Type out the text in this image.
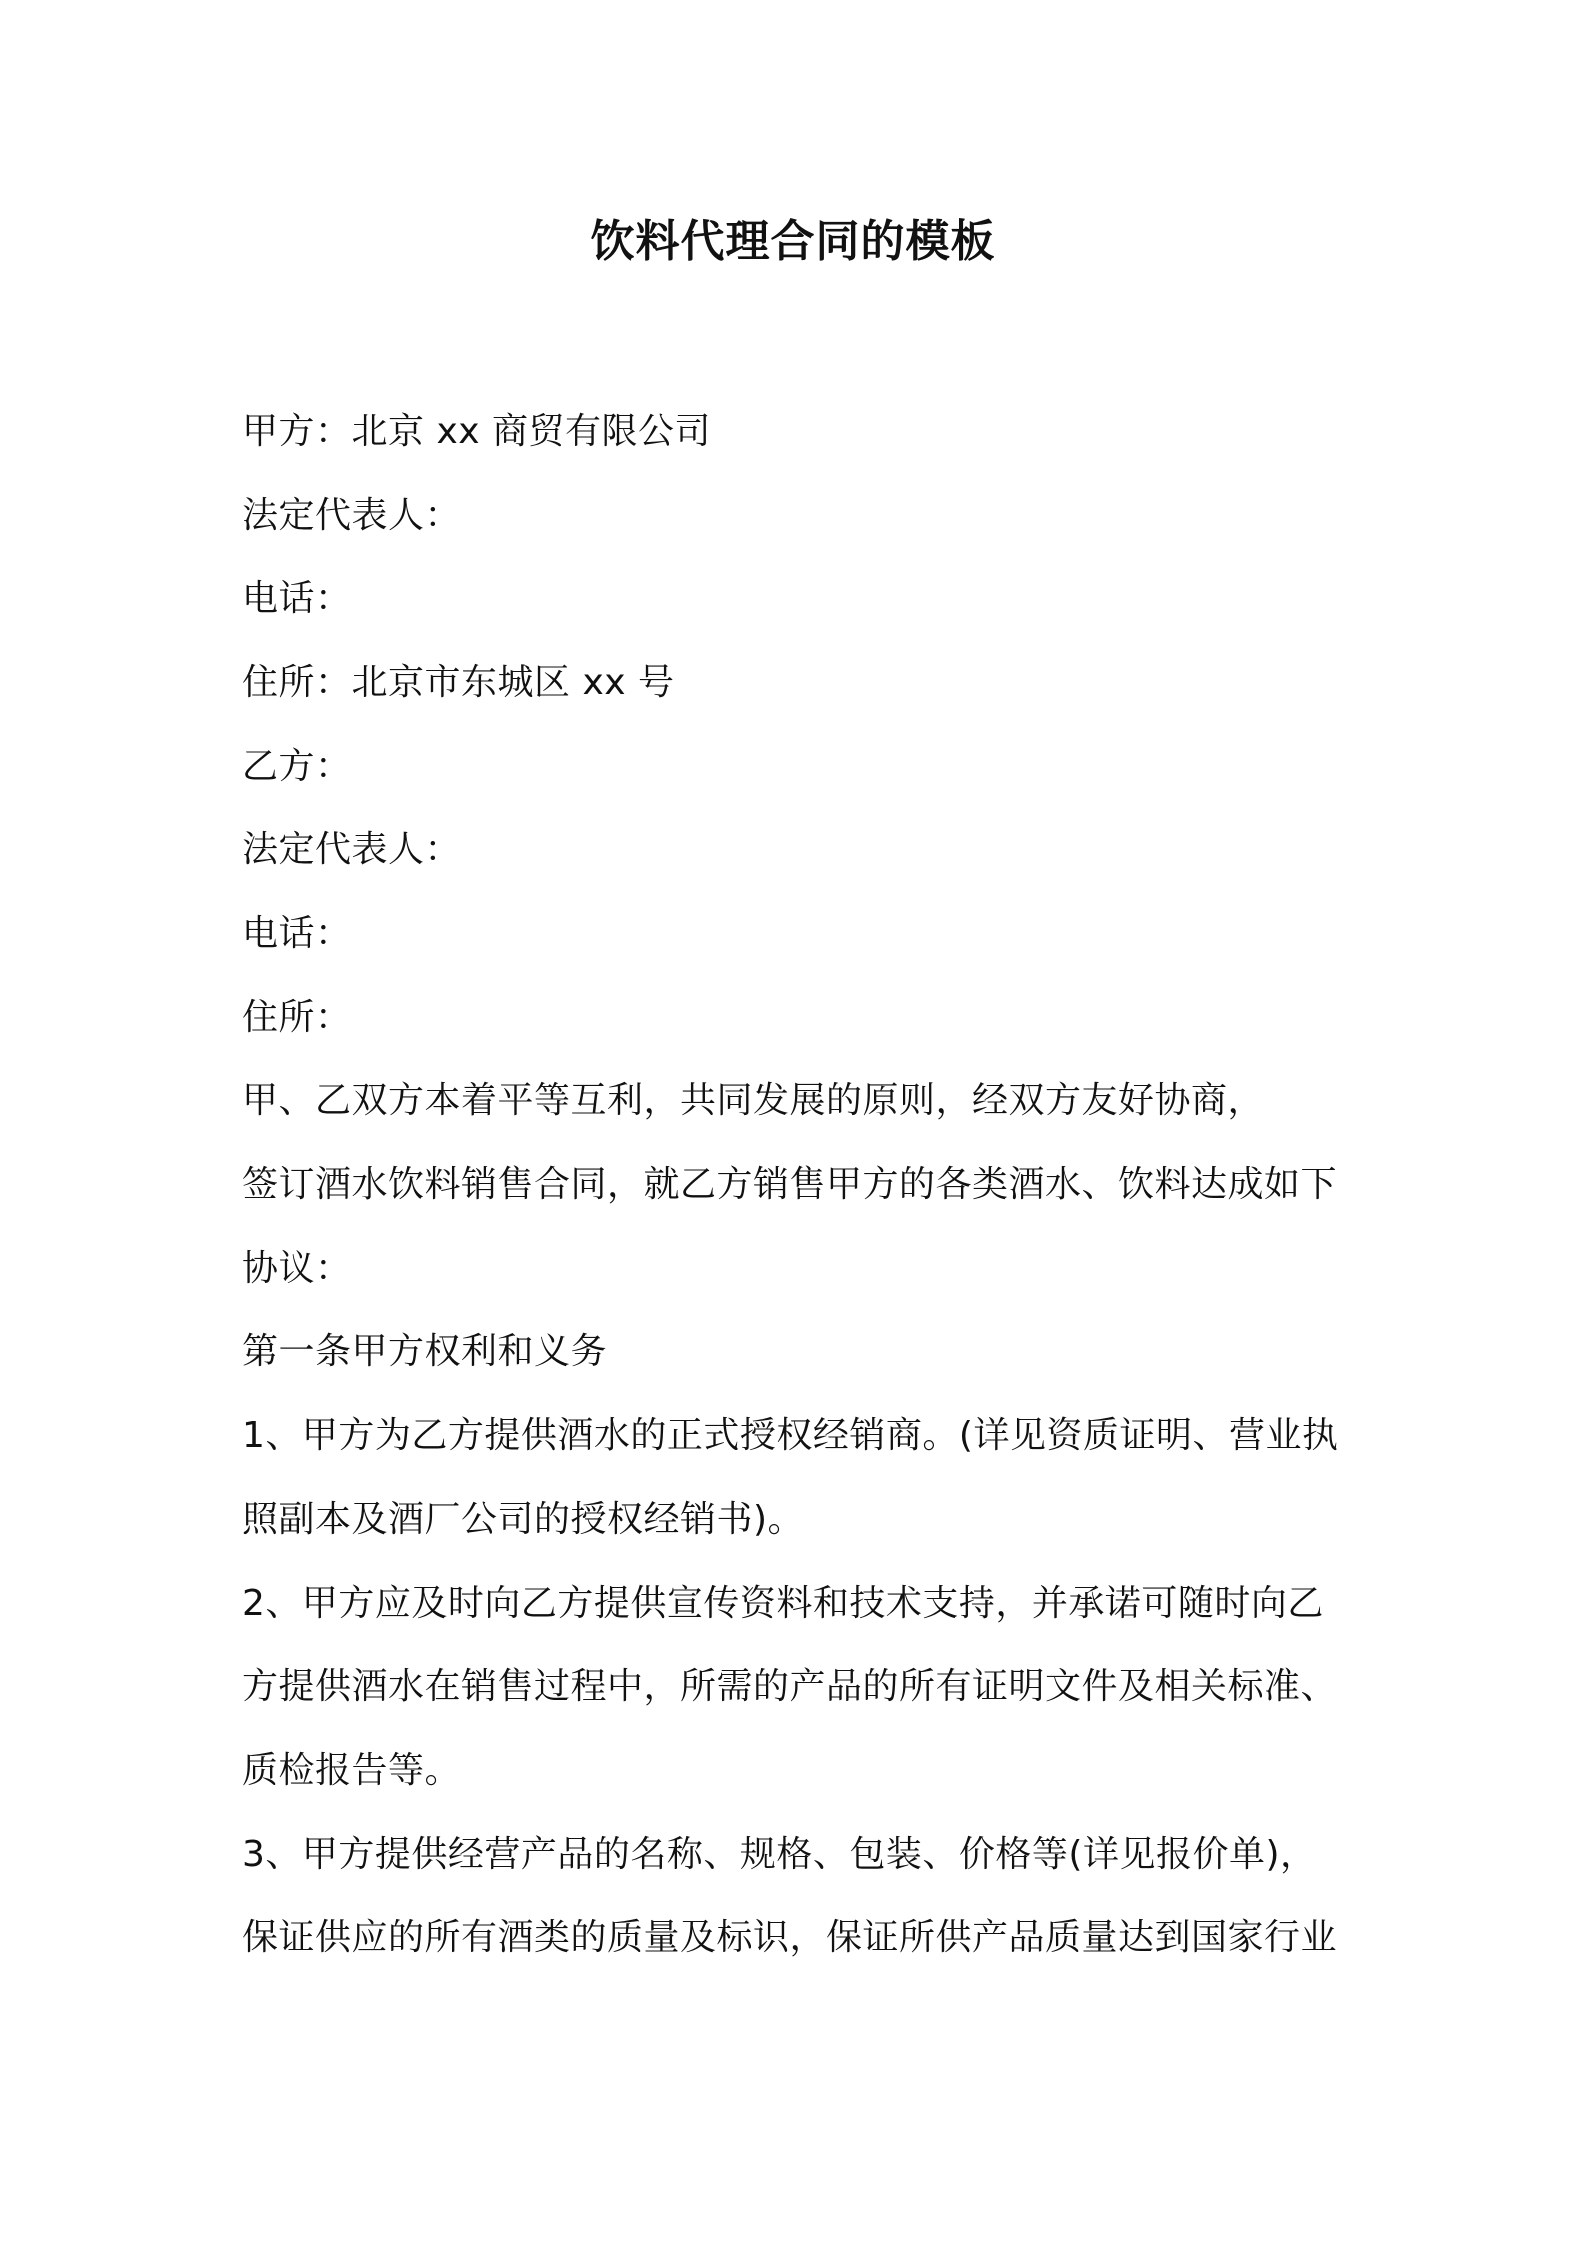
饮料代理合同的模板
甲方：北京 xx 商贸有限公司
法定代表人：
电话：
住所：北京市东城区 xx 号
乙方：
法定代表人：
电话：
住所：
甲、乙双方本着平等互利，共同发展的原则，经双方友好协商，
签订酒水饮料销售合同，就乙方销售甲方的各类酒水、饮料达成如下
协议：
第一条甲方权利和义务
1、甲方为乙方提供酒水的正式授权经销商。(详见资质证明、营业执
照副本及酒厂公司的授权经销书)。
2、甲方应及时向乙方提供宣传资料和技术支持，并承诺可随时向乙
方提供酒水在销售过程中，所需的产品的所有证明文件及相关标准、
质检报告等。
3、甲方提供经营产品的名称、规格、包装、价格等(详见报价单)，
保证供应的所有酒类的质量及标识，保证所供产品质量达到国家行业
